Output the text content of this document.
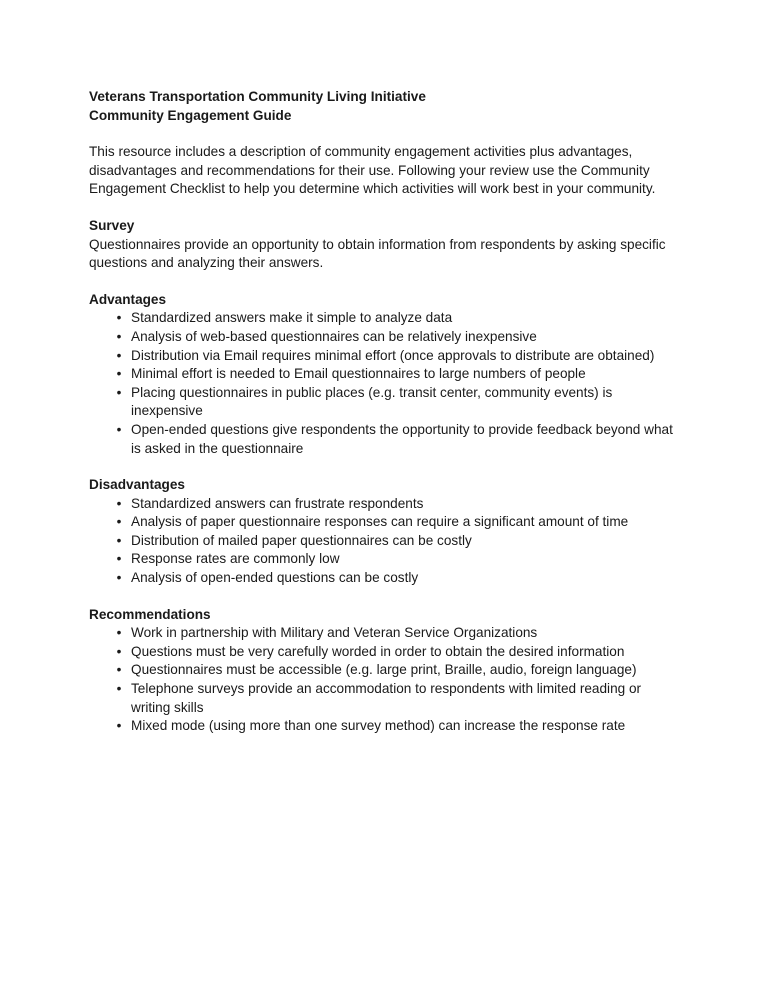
Veterans Transportation Community Living Initiative
Community Engagement Guide

This resource includes a description of community engagement activities plus advantages, disadvantages and recommendations for their use. Following your review use the Community Engagement Checklist to help you determine which activities will work best in your community.

Survey

Questionnaires provide an opportunity to obtain information from respondents by asking specific questions and analyzing their answers.

Advantages
• Standardized answers make it simple to analyze data
• Analysis of web-based questionnaires can be relatively inexpensive
• Distribution via Email requires minimal effort (once approvals to distribute are obtained)
• Minimal effort is needed to Email questionnaires to large numbers of people
• Placing questionnaires in public places (e.g. transit center, community events) is inexpensive
• Open-ended questions give respondents the opportunity to provide feedback beyond what is asked in the questionnaire
Disadvantages
• Standardized answers can frustrate respondents
• Analysis of paper questionnaire responses can require a significant amount of time
• Distribution of mailed paper questionnaires can be costly
• Response rates are commonly low
• Analysis of open-ended questions can be costly
Recommendations
• Work in partnership with Military and Veteran Service Organizations
• Questions must be very carefully worded in order to obtain the desired information
• Questionnaires must be accessible (e.g. large print, Braille, audio, foreign language)
• Telephone surveys provide an accommodation to respondents with limited reading or writing skills
• Mixed mode (using more than one survey method) can increase the response rate
